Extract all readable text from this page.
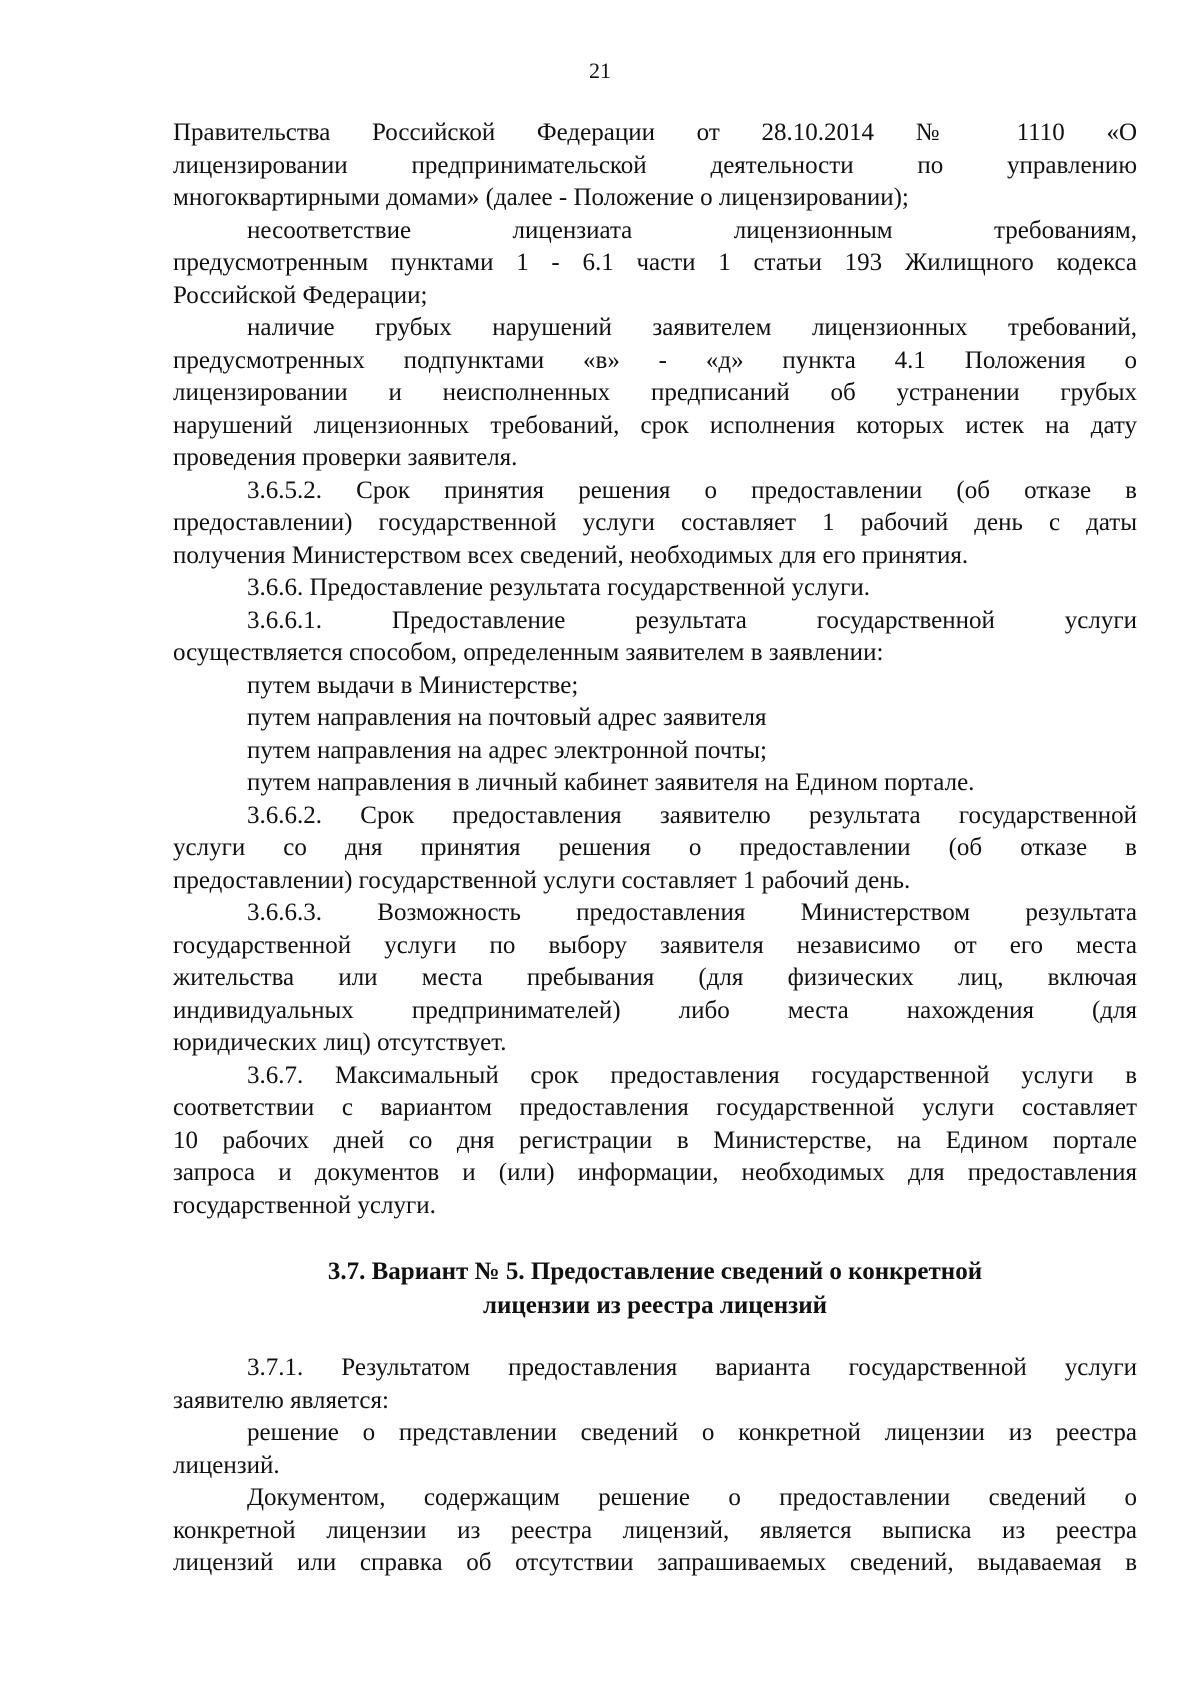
21
Правительства Российской Федерации от 28.10.2014 № 1110 «О
лицензировании предпринимательской деятельности по управлению
многоквартирными домами» (далее - Положение о лицензировании);
несоответствие лицензиата лицензионным требованиям,
предусмотренным пунктами 1 - 6.1 части 1 статьи 193 Жилищного кодекса
Российской Федерации;
наличие грубых нарушений заявителем лицензионных требований,
предусмотренных подпунктами «в» - «д» пункта 4.1 Положения о
лицензировании и неисполненных предписаний об устранении грубых
нарушений лицензионных требований, срок исполнения которых истек на дату
проведения проверки заявителя.
3.6.5.2. Срок принятия решения о предоставлении (об отказе в
предоставлении) государственной услуги составляет 1 рабочий день с даты
получения Министерством всех сведений, необходимых для его принятия.
3.6.6. Предоставление результата государственной услуги.
3.6.6.1. Предоставление результата государственной услуги
осуществляется способом, определенным заявителем в заявлении:
путем выдачи в Министерстве;
путем направления на почтовый адрес заявителя
путем направления на адрес электронной почты;
путем направления в личный кабинет заявителя на Едином портале.
3.6.6.2. Срок предоставления заявителю результата государственной
услуги со дня принятия решения о предоставлении (об отказе в
предоставлении) государственной услуги составляет 1 рабочий день.
3.6.6.3. Возможность предоставления Министерством результата
государственной услуги по выбору заявителя независимо от его места
жительства или места пребывания (для физических лиц, включая
индивидуальных предпринимателей) либо места нахождения (для
юридических лиц) отсутствует.
3.6.7. Максимальный срок предоставления государственной услуги в
соответствии с вариантом предоставления государственной услуги составляет
10 рабочих дней со дня регистрации в Министерстве, на Едином портале
запроса и документов и (или) информации, необходимых для предоставления
государственной услуги.
3.7. Вариант № 5. Предоставление сведений о конкретной
лицензии из реестра лицензий
3.7.1. Результатом предоставления варианта государственной услуги
заявителю является:
решение о представлении сведений о конкретной лицензии из реестра
лицензий.
Документом, содержащим решение о предоставлении сведений о
конкретной лицензии из реестра лицензий, является выписка из реестра
лицензий или справка об отсутствии запрашиваемых сведений, выдаваемая в
